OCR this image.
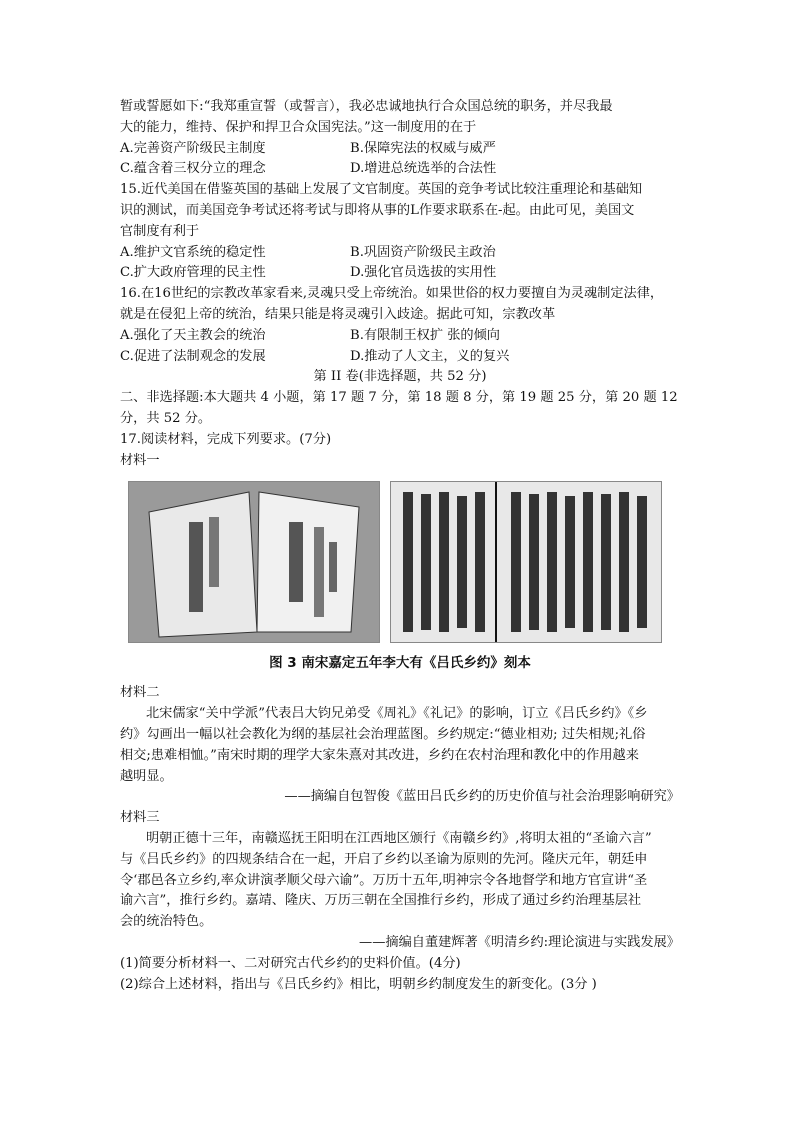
暂或誓愿如下:“我郑重宣誓（或誓言），我必忠诚地执行合众国总统的职务，并尽我最

大的能力，维持、保护和捍卫合众国宪法。”这一制度用的在于

A.完善资产阶级民主制度	B.保障宪法的权威与威严
C.蕴含着三权分立的理念	D.增进总统选举的合法性

15.近代美国在借鉴英国的基础上发展了文官制度。英国的竞争考试比较注重理论和基础知

识的测试，而美国竞争考试还将考试与即将从事的L作要求联系在-起。由此可见，美国文

官制度有利于

A.维护文官系统的稳定性	B.巩固资产阶级民主政治
C.扩大政府管理的民主性	D.强化官员选拔的实用性

16.在16世纪的宗教改革家看来,灵魂只受上帝统治。如果世俗的权力要擅自为灵魂制定法律，

就是在侵犯上帝的统治，结果只能是将灵魂引入歧途。据此可知，宗教改革

A.强化了天主教会的统治	B.有限制王权扩 张的倾向
C.促进了法制观念的发展	D.推动了人文主，义的复兴

第 II 卷(非选择题，共 52 分)

二、非选择题:本大题共 4 小题，第 17 题 7 分，第 18 题 8 分，第 19 题 25 分，第 20 题 12

分，共 52 分。

17.阅读材料，完成下列要求。(7分)

材料一

图 3 南宋嘉定五年李大有《吕氏乡约》刻本

材料二

北宋儒家“关中学派”代表吕大钧兄弟受《周礼》《礼记》的影响，订立《吕氏乡约》《乡

约》勾画出一幅以社会教化为纲的基层社会治理蓝图。乡约规定:“德业相劝; 过失相规;礼俗

相交;患难相恤。”南宋时期的理学大家朱熹对其改进，乡约在农村治理和教化中的作用越来

越明显。

——摘编自包智俊《蓝田吕氏乡约的历史价值与社会治理影响研究》

材料三

明朝正德十三年，南赣巡抚王阳明在江西地区颁行《南赣乡约》,将明太祖的“圣谕六言”

与《吕氏乡约》的四规条结合在一起，开启了乡约以圣谕为原则的先河。隆庆元年，朝廷申

令‘郡邑各立乡约,率众讲演孝顺父母六谕”。万历十五年,明神宗令各地督学和地方官宣讲“圣

谕六言”，推行乡约。嘉靖、隆庆、万历三朝在全国推行乡约，形成了通过乡约治理基层社

会的统治特色。

——摘编自董建辉著《明清乡约:理论演进与实践发展》

(1)简要分析材料一、二对研究古代乡约的史料价值。(4分)

(2)综合上述材料，指出与《吕氏乡约》相比，明朝乡约制度发生的新变化。(3分 )
